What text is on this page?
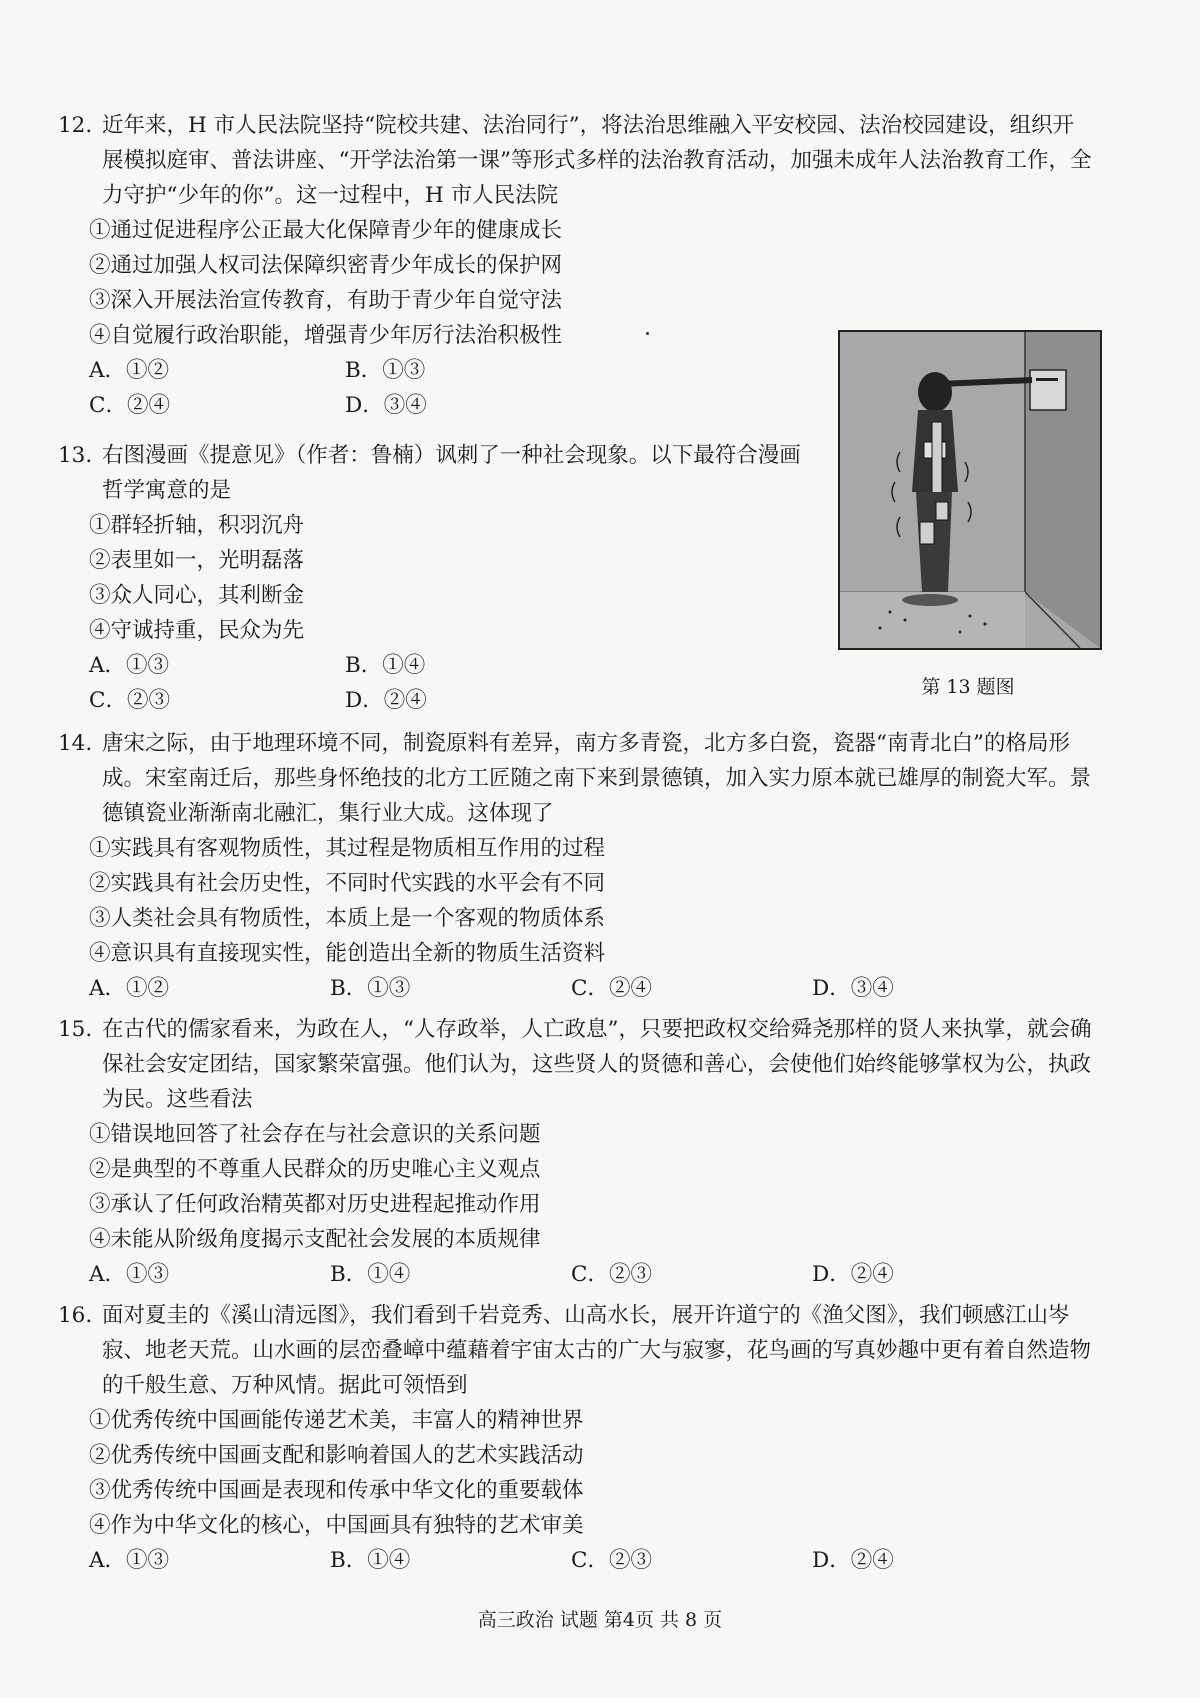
12. 近年来，H 市人民法院坚持“院校共建、法治同行”，将法治思维融入平安校园、法治校园建设，组织开展模拟庭审、普法讲座、“开学法治第一课”等形式多样的法治教育活动，加强未成年人法治教育工作，全力守护“少年的你”。这一过程中，H 市人民法院
①通过促进程序公正最大化保障青少年的健康成长
②通过加强人权司法保障织密青少年成长的保护网
③深入开展法治宣传教育，有助于青少年自觉守法
④自觉履行政治职能，增强青少年厉行法治积极性
A．①②	B．①③
C．②④	D．③④
第 13 题图
13. 右图漫画《提意见》（作者：鲁楠）讽刺了一种社会现象。以下最符合漫画哲学寓意的是
①群轻折轴，积羽沉舟
②表里如一，光明磊落
③众人同心，其利断金
④守诚持重，民众为先
A．①③	B．①④
C．②③	D．②④
14. 唐宋之际，由于地理环境不同，制瓷原料有差异，南方多青瓷，北方多白瓷，瓷器“南青北白”的格局形成。宋室南迁后，那些身怀绝技的北方工匠随之南下来到景德镇，加入实力原本就已雄厚的制瓷大军。景德镇瓷业渐渐南北融汇，集行业大成。这体现了
①实践具有客观物质性，其过程是物质相互作用的过程
②实践具有社会历史性，不同时代实践的水平会有不同
③人类社会具有物质性，本质上是一个客观的物质体系
④意识具有直接现实性，能创造出全新的物质生活资料
A．①②	B．①③	C．②④	D．③④
15. 在古代的儒家看来，为政在人，“人存政举，人亡政息”，只要把政权交给舜尧那样的贤人来执掌，就会确保社会安定团结，国家繁荣富强。他们认为，这些贤人的贤德和善心，会使他们始终能够掌权为公，执政为民。这些看法
①错误地回答了社会存在与社会意识的关系问题
②是典型的不尊重人民群众的历史唯心主义观点
③承认了任何政治精英都对历史进程起推动作用
④未能从阶级角度揭示支配社会发展的本质规律
A．①③	B．①④	C．②③	D．②④
16. 面对夏圭的《溪山清远图》，我们看到千岩竞秀、山高水长，展开许道宁的《渔父图》，我们顿感江山岑寂、地老天荒。山水画的层峦叠嶂中蕴藉着宇宙太古的广大与寂寥，花鸟画的写真妙趣中更有着自然造物的千般生意、万种风情。据此可领悟到
①优秀传统中国画能传递艺术美，丰富人的精神世界
②优秀传统中国画支配和影响着国人的艺术实践活动
③优秀传统中国画是表现和传承中华文化的重要载体
④作为中华文化的核心，中国画具有独特的艺术审美
A．①③	B．①④	C．②③	D．②④
高三政治 试题 第4页 共 8 页
